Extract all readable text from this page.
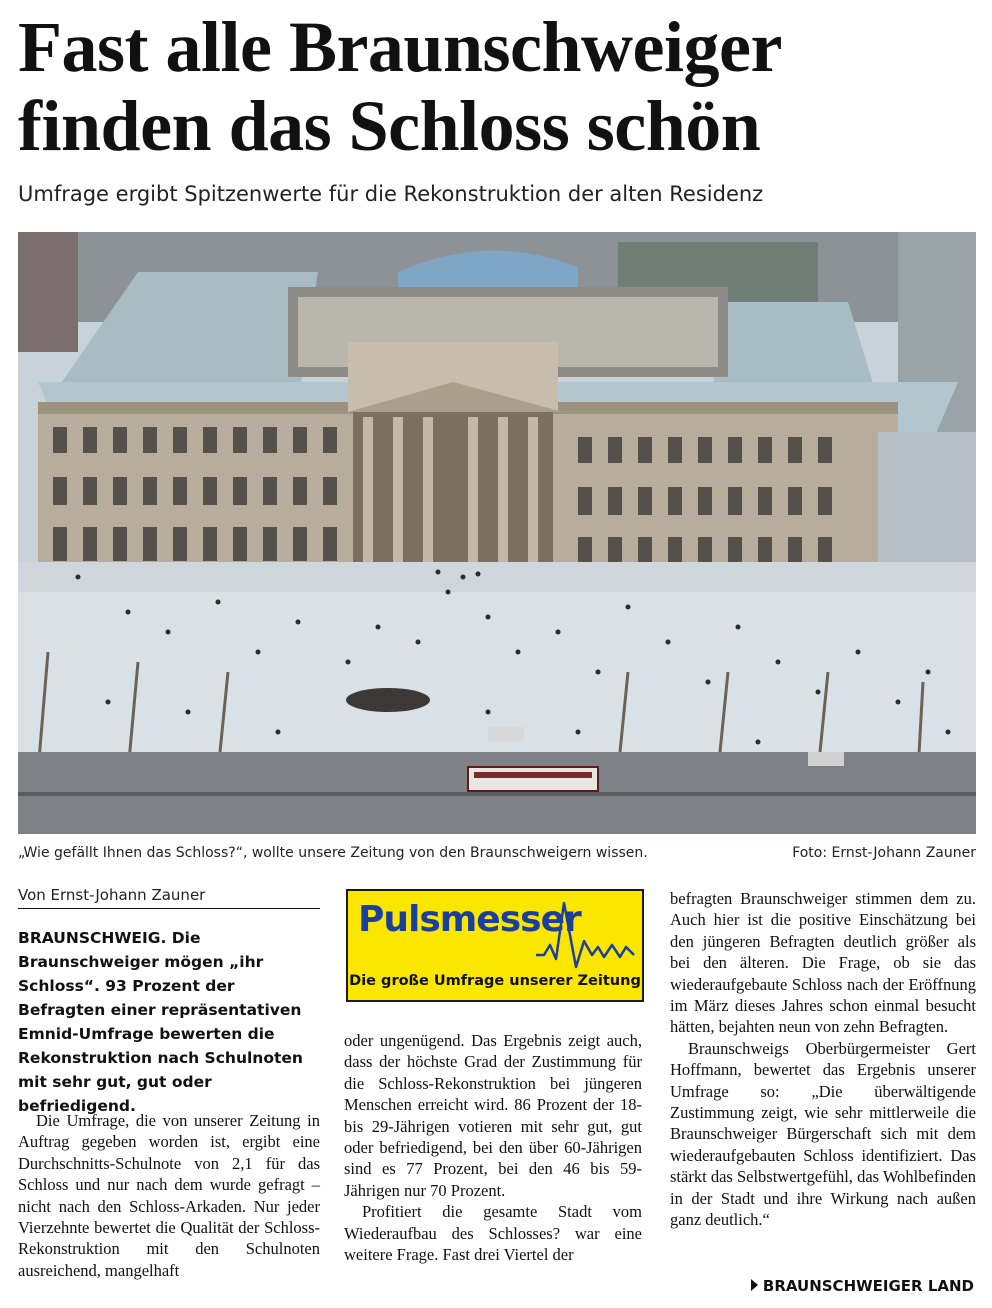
Fast alle Braunschweiger
finden das Schloss schön

Umfrage ergibt Spitzenwerte für die Rekonstruktion der alten Residenz

„Wie gefällt Ihnen das Schloss?“, wollte unsere Zeitung von den Braunschweigern wissen.	Foto: Ernst-Johann Zauner
Von Ernst-Johann Zauner

BRAUNSCHWEIG. Die Braunschweiger mögen „ihr Schloss“. 93 Prozent der Befragten einer repräsentativen Emnid-Umfrage bewerten die Rekonstruktion nach Schulnoten mit sehr gut, gut oder befriedigend.

Die Umfrage, die von unserer Zeitung in Auftrag gegeben worden ist, ergibt eine Durchschnitts-Schulnote von 2,1 für das Schloss und nur nach dem wurde gefragt – nicht nach den Schloss-Arkaden. Nur jeder Vierzehnte bewertet die Qualität der Schloss-Rekonstruktion mit den Schulnoten ausreichend, mangelhaft

Pulsmesser
Die große Umfrage unserer Zeitung
oder ungenügend. Das Ergebnis zeigt auch, dass der höchste Grad der Zustimmung für die Schloss-Rekonstruktion bei jüngeren Menschen erreicht wird. 86 Prozent der 18- bis 29-Jährigen votieren mit sehr gut, gut oder befriedigend, bei den über 60-Jährigen sind es 77 Prozent, bei den 46 bis 59-Jährigen nur 70 Prozent.
Profitiert die gesamte Stadt vom Wiederaufbau des Schlosses? war eine weitere Frage. Fast drei Viertel der
befragten Braunschweiger stimmen dem zu. Auch hier ist die positive Einschätzung bei den jüngeren Befragten deutlich größer als bei den älteren. Die Frage, ob sie das wiederaufgebaute Schloss nach der Eröffnung im März dieses Jahres schon einmal besucht hätten, bejahten neun von zehn Befragten.
Braunschweigs Oberbürgermeister Gert Hoffmann, bewertet das Ergebnis unserer Umfrage so: „Die überwältigende Zustimmung zeigt, wie sehr mittlerweile die Braunschweiger Bürgerschaft sich mit dem wiederaufgebauten Schloss identifiziert. Das stärkt das Selbstwertgefühl, das Wohlbefinden in der Stadt und ihre Wirkung nach außen ganz deutlich.“
BRAUNSCHWEIGER LAND
